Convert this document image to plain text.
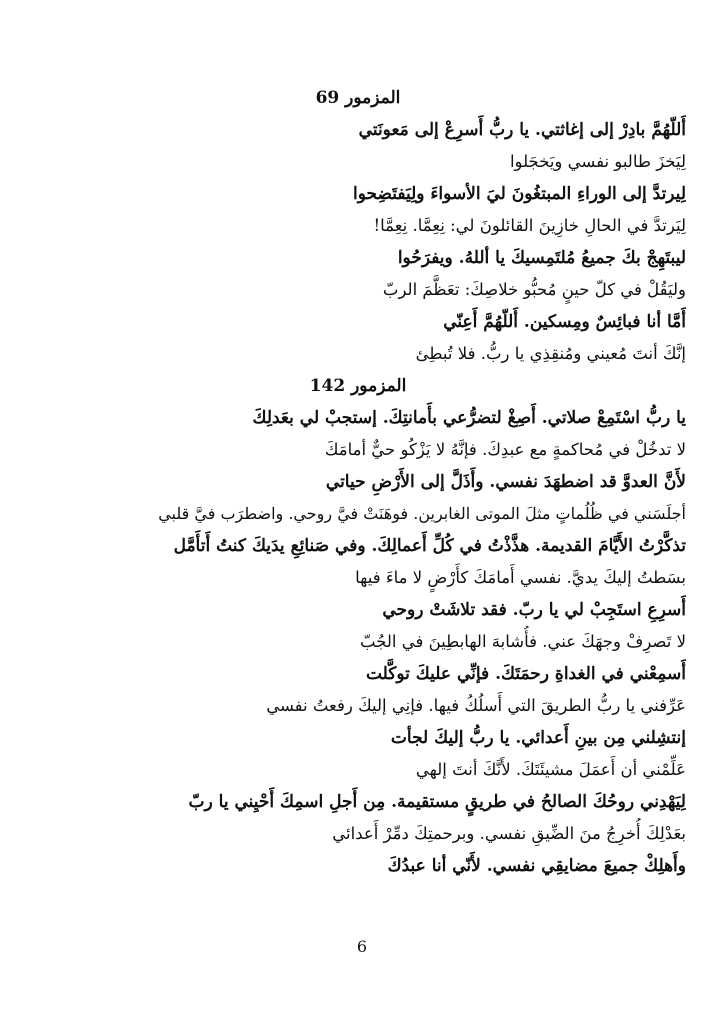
المزمور 69
أَللّهُمَّ بادِرْ إلى إغاثتي. يا ربُّ أَسرِعْ إلى مَعونَتي
لِيَخزَ طالبو نفسي ويَخجَلوا
لِيرتدَّ إلى الوراءِ المبتغُونَ ليَ الأسواءَ ولِيَفتَضِحوا
لِيَرتدَّ في الحالِ خازِينَ القائلونَ لي: نِعِمَّا. نِعِمَّا!
ليبتَهِجْ بكَ جميعُ مُلتَمِسيكَ يا أللهُ. ويفرَحُوا
وليَقُلْ في كلّ حينٍ مُحبُّو خلاصِكَ: تعَظَّمَ الربّ
أَمَّا أنا فبائِسٌ ومِسكين. أَللّهُمَّ أَعِنّي
إنَّكَ أنتَ مُعيني ومُنقِذِي يا ربُّ. فلا تُبطِئ
المزمور 142
يا ربُّ اسْتَمِعْ صلاتي. أَصِغْ لتضرُّعي بأَمانتِكَ. إستجبْ لي بعَدلِكَ
لا تدخُلْ في مُحاكمةٍ مع عبدِكَ. فإنَّهُ لا يَزْكُو حيٌّ أمامَكَ
لأَنَّ العدوَّ قد اضطهَدَ نفسي. وأَذَلَّ إلى الأَرْضِ حياتي
أجلَسَني في ظُلُماتٍ مثلَ الموتى الغابرين. فوهَنَتْ فيَّ روحي. واضطرَب فيَّ قلبي
تذكَّرْتُ الأَيَّامَ القديمة. هذَّذْتُ في كُلِّ أَعمالِكَ. وفي صَنائِعِ يدَيكَ كنتُ أَتأَمَّل
بسَطتُ إليكَ يديَّ. نفسي أَمامَكَ كأَرْضٍ لا ماءَ فيها
أَسرِعِ استَجِبْ لي يا ربّ. فقد تلاشَتْ روحي
لا تَصرِفْ وجهَكَ عني. فأُشابهَ الهابطِينَ في الجُبّ
أَسمِعْني في الغداةِ رحمَتَكَ. فإنِّي عليكَ توكَّلت
عَرِّفني يا ربُّ الطريقَ التي أَسلُكُ فيها. فإنِي إليكَ رفعتُ نفسي
إنتشِلني مِن بينِ أَعدائي. يا ربُّ إليكَ لجأت
عَلِّمْني أن أَعمَلَ مشيئَتَكَ. لأَنَّكَ أنتَ إلهي
لِيَهْدِني روحُكَ الصالحُ في طريقٍ مستقيمة. مِن أَجلِ اسمِكَ أَحْيِني يا ربّ
بعَدْلِكَ أُخرِجُ منَ الضِّيقِ نفسي. وبرحمتِكَ دمِّرْ أَعدائي
وأَهلِكْ جميعَ مضايقِي نفسي. لأَنّي أنا عبدُكَ
6
